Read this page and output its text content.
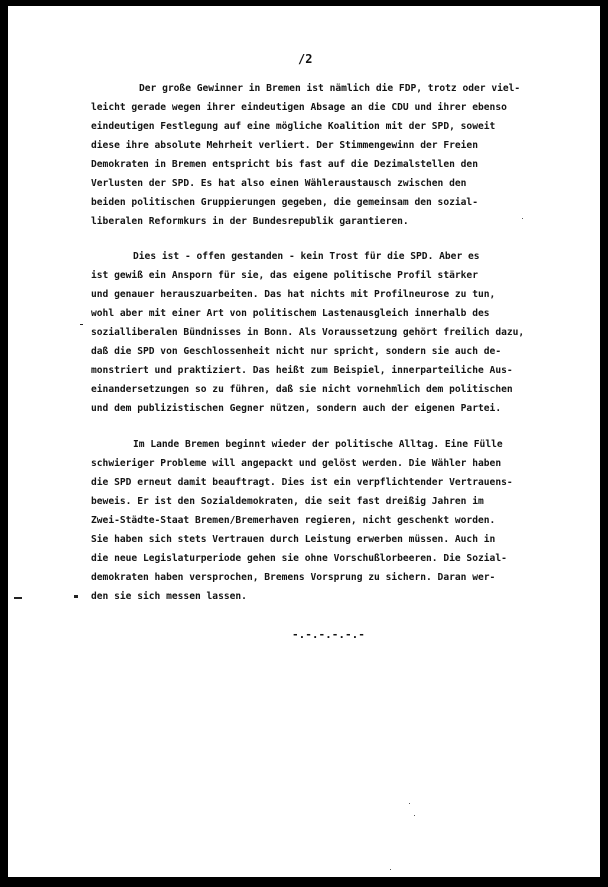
/2
Der große Gewinner in Bremen ist nämlich die FDP, trotz oder viel-
leicht gerade wegen ihrer eindeutigen Absage an die CDU und ihrer ebenso
eindeutigen Festlegung auf eine mögliche Koalition mit der SPD, soweit
diese ihre absolute Mehrheit verliert. Der Stimmengewinn der Freien
Demokraten in Bremen entspricht bis fast auf die Dezimalstellen den
Verlusten der SPD. Es hat also einen Wähleraustausch zwischen den
beiden politischen Gruppierungen gegeben, die gemeinsam den sozial-
liberalen Reformkurs in der Bundesrepublik garantieren.
Dies ist - offen gestanden - kein Trost für die SPD. Aber es
ist gewiß ein Ansporn für sie, das eigene politische Profil stärker
und genauer herauszuarbeiten. Das hat nichts mit Profilneurose zu tun,
wohl aber mit einer Art von politischem Lastenausgleich innerhalb des
sozialliberalen Bündnisses in Bonn. Als Voraussetzung gehört freilich dazu,
daß die SPD von Geschlossenheit nicht nur spricht, sondern sie auch de-
monstriert und praktiziert. Das heißt zum Beispiel, innerparteiliche Aus-
einandersetzungen so zu führen, daß sie nicht vornehmlich dem politischen
und dem publizistischen Gegner nützen, sondern auch der eigenen Partei.
Im Lande Bremen beginnt wieder der politische Alltag. Eine Fülle
schwieriger Probleme will angepackt und gelöst werden. Die Wähler haben
die SPD erneut damit beauftragt. Dies ist ein verpflichtender Vertrauens-
beweis. Er ist den Sozialdemokraten, die seit fast dreißig Jahren im
Zwei-Städte-Staat Bremen/Bremerhaven regieren, nicht geschenkt worden.
Sie haben sich stets Vertrauen durch Leistung erwerben müssen. Auch in
die neue Legislaturperiode gehen sie ohne Vorschußlorbeeren. Die Sozial-
demokraten haben versprochen, Bremens Vorsprung zu sichern. Daran wer-
den sie sich messen lassen.
-.-.-.-.-.-
